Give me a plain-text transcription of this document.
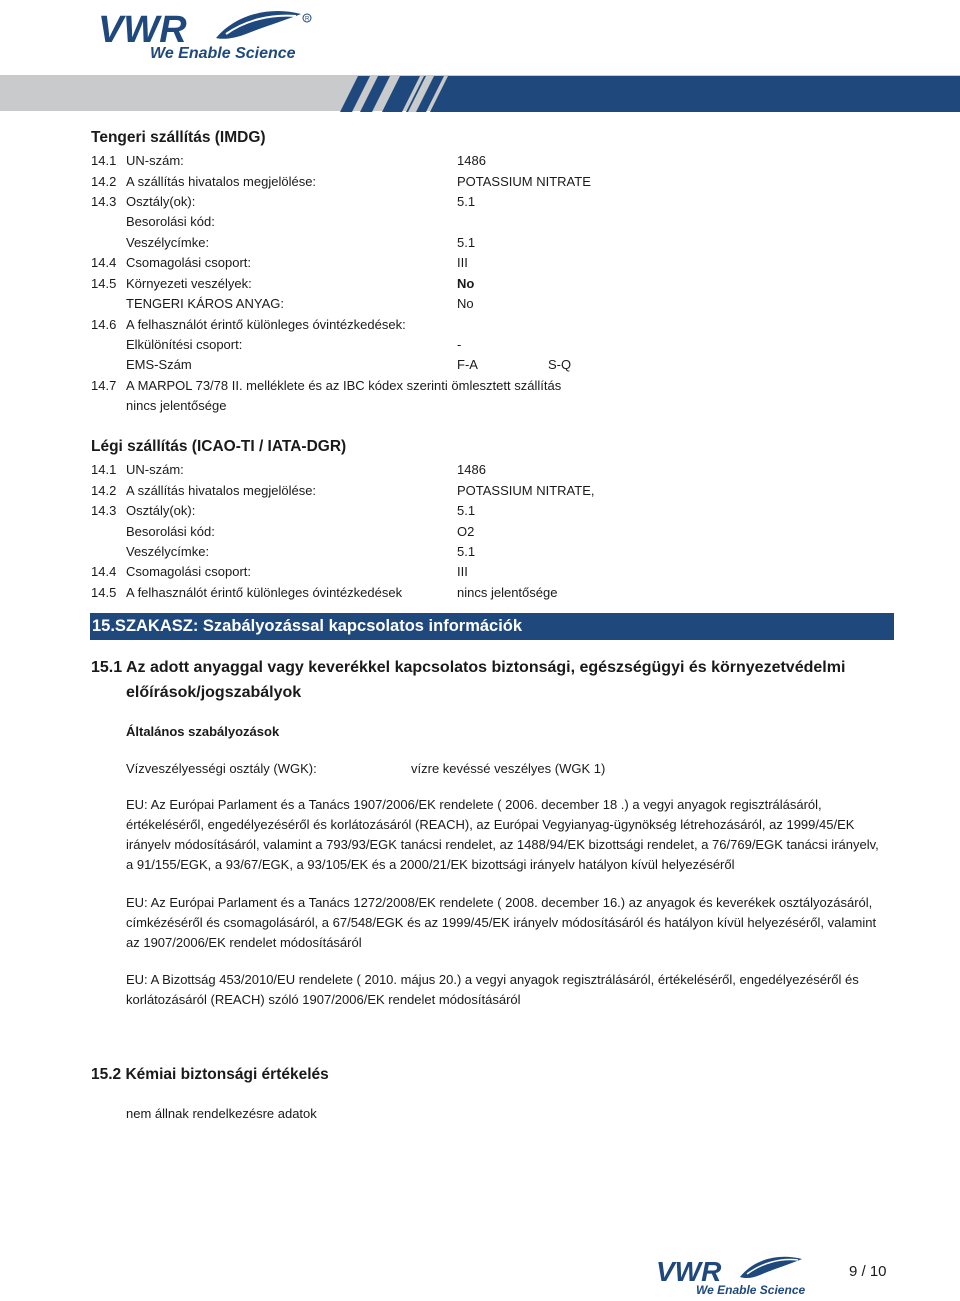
VWR	R
We Enable Science
Tengeri szállítás (IMDG)
14.1 UN-szám:	1486
14.2 A szállítás hivatalos megjelölése:	POTASSIUM NITRATE
14.3 Osztály(ok):	5.1
Besorolási kód:
Veszélycímke:	5.1
14.4 Csomagolási csoport:	III
14.5 Környezeti veszélyek:	No
TENGERI KÁROS ANYAG:	No
14.6 A felhasználót érintő különleges óvintézkedések:
Elkülönítési csoport:	-
EMS-Szám	F-A	S-Q
14.7 A MARPOL 73/78 II. melléklete és az IBC kódex szerinti ömlesztett szállítás
nincs jelentősége
Légi szállítás (ICAO-TI / IATA-DGR)
14.1 UN-szám:	1486
14.2 A szállítás hivatalos megjelölése:	POTASSIUM NITRATE,
14.3 Osztály(ok):	5.1
Besorolási kód:	O2
Veszélycímke:	5.1
14.4 Csomagolási csoport:	III
14.5 A felhasználót érintő különleges óvintézkedések	nincs jelentősége
15.SZAKASZ: Szabályozással kapcsolatos információk
15.1 Az adott anyaggal vagy keverékkel kapcsolatos biztonsági, egészségügyi és környezetvédelmi
előírások/jogszabályok
Általános szabályozások
Vízveszélyességi osztály (WGK):	vízre kevéssé veszélyes (WGK 1)
EU: Az Európai Parlament és a Tanács 1907/2006/EK rendelete ( 2006. december 18 .) a vegyi anyagok regisztrálásáról, értékeléséről, engedélyezéséről és korlátozásáról (REACH), az Európai Vegyianyag-ügynökség létrehozásáról, az 1999/45/EK irányelv módosításáról, valamint a 793/93/EGK tanácsi rendelet, az 1488/94/EK bizottsági rendelet, a 76/769/EGK tanácsi irányelv, a 91/155/EGK, a 93/67/EGK, a 93/105/EK és a 2000/21/EK bizottsági irányelv hatályon kívül helyezéséről
EU: Az Európai Parlament és a Tanács 1272/2008/EK rendelete ( 2008. december 16.) az anyagok és keverékek osztályozásáról, címkézéséről és csomagolásáról, a 67/548/EGK és az 1999/45/EK irányelv módosításáról és hatályon kívül helyezéséről, valamint az 1907/2006/EK rendelet módosításáról
EU: A Bizottság 453/2010/EU rendelete ( 2010. május 20.) a vegyi anyagok regisztrálásáról, értékeléséről, engedélyezéséről és korlátozásáról (REACH) szóló 1907/2006/EK rendelet módosításáról
15.2 Kémiai biztonsági értékelés
nem állnak rendelkezésre adatok
VWR
We Enable Science
9 / 10
